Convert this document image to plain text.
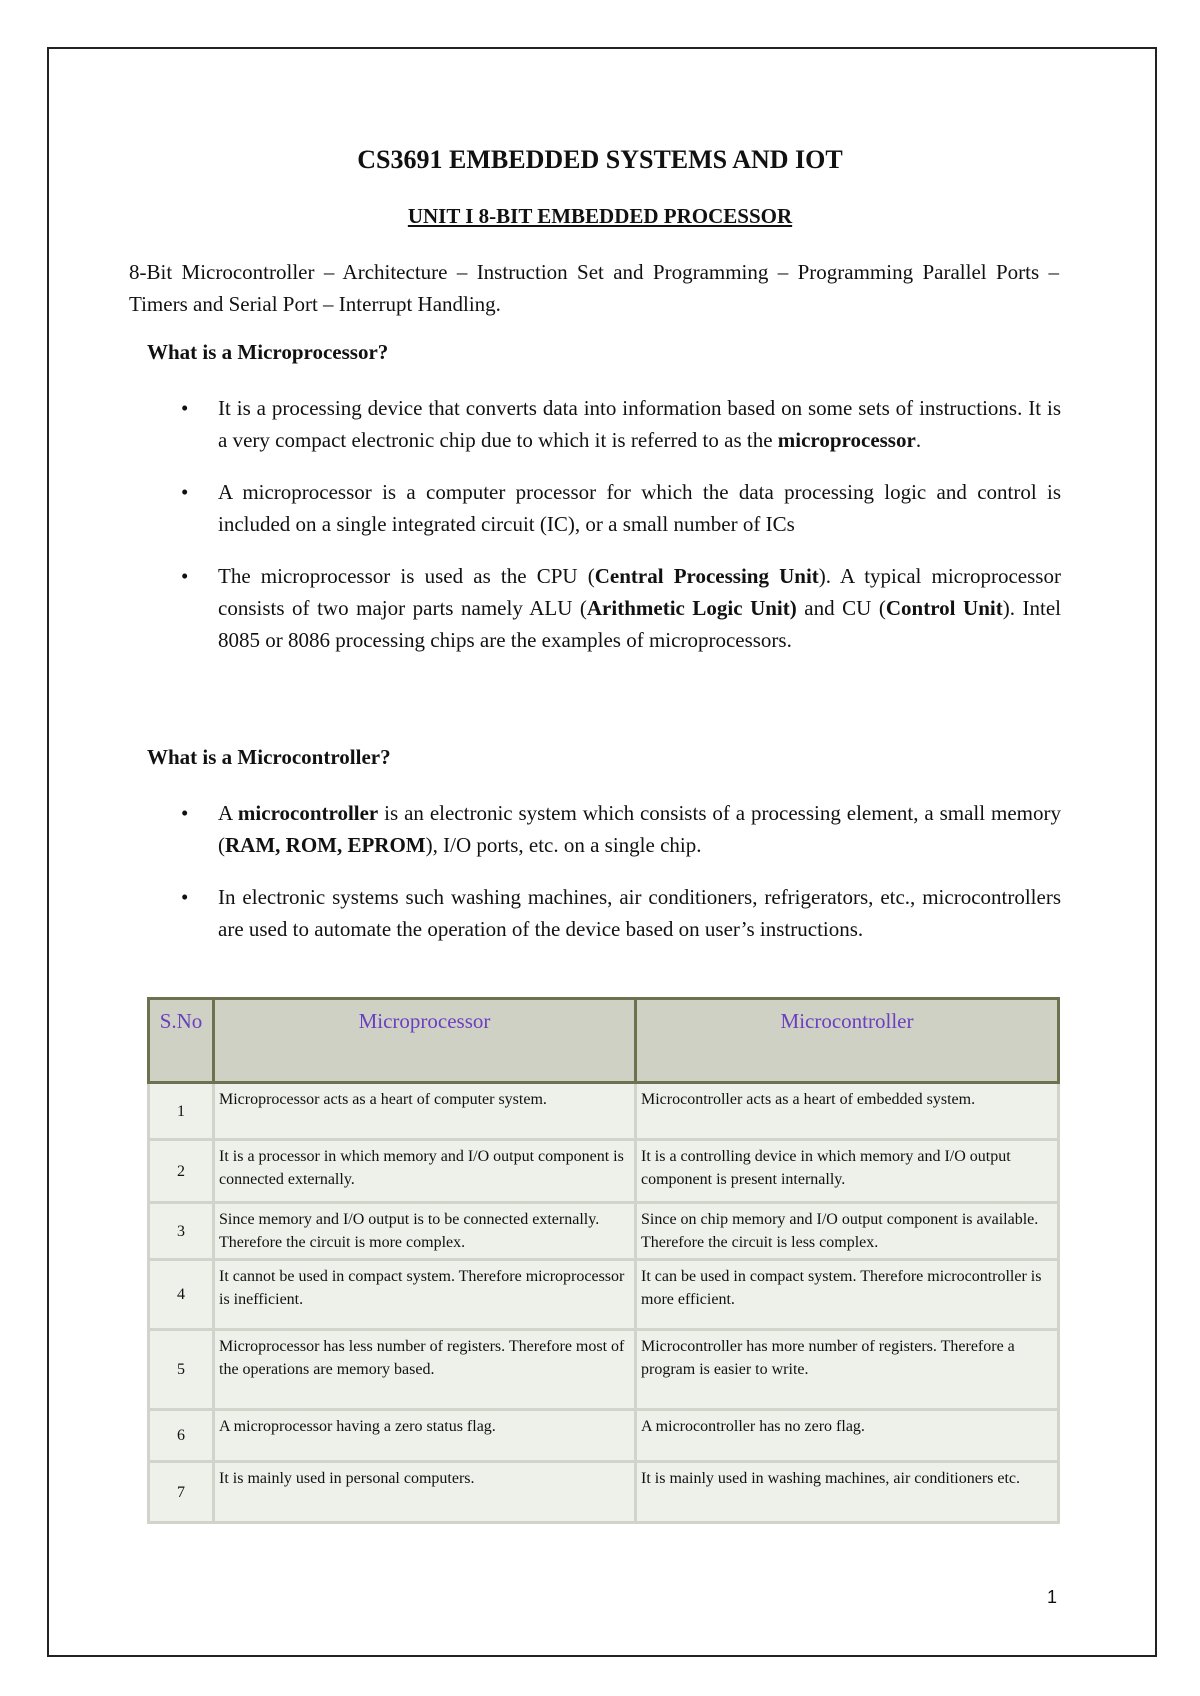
CS3691 EMBEDDED SYSTEMS AND IOT
UNIT I 8-BIT EMBEDDED PROCESSOR

8-Bit Microcontroller – Architecture – Instruction Set and Programming – Programming Parallel Ports – Timers and Serial Port – Interrupt Handling.

What is a Microprocessor?
• It is a processing device that converts data into information based on some sets of instructions. It is a very compact electronic chip due to which it is referred to as the microprocessor.
• A microprocessor is a computer processor for which the data processing logic and control is included on a single integrated circuit (IC), or a small number of ICs
• The microprocessor is used as the CPU (Central Processing Unit). A typical microprocessor consists of two major parts namely ALU (Arithmetic Logic Unit) and CU (Control Unit). Intel 8085 or 8086 processing chips are the examples of microprocessors.
What is a Microcontroller?
• A microcontroller is an electronic system which consists of a processing element, a small memory (RAM, ROM, EPROM), I/O ports, etc. on a single chip.
• In electronic systems such washing machines, air conditioners, refrigerators, etc., microcontrollers are used to automate the operation of the device based on user’s instructions.
S.No	Microprocessor	Microcontroller
1	Microprocessor acts as a heart of computer system.	Microcontroller acts as a heart of embedded system.
2	It is a processor in which memory and I/O output component is connected externally.	It is a controlling device in which memory and I/O output component is present internally.
3	Since memory and I/O output is to be connected externally. Therefore the circuit is more complex.	Since on chip memory and I/O output component is available. Therefore the circuit is less complex.
4	It cannot be used in compact system. Therefore microprocessor is inefficient.	It can be used in compact system. Therefore microcontroller is more efficient.
5	Microprocessor has less number of registers. Therefore most of the operations are memory based.	Microcontroller has more number of registers. Therefore a program is easier to write.
6	A microprocessor having a zero status flag.	A microcontroller has no zero flag.
7	It is mainly used in personal computers.	It is mainly used in washing machines, air conditioners etc.
1
